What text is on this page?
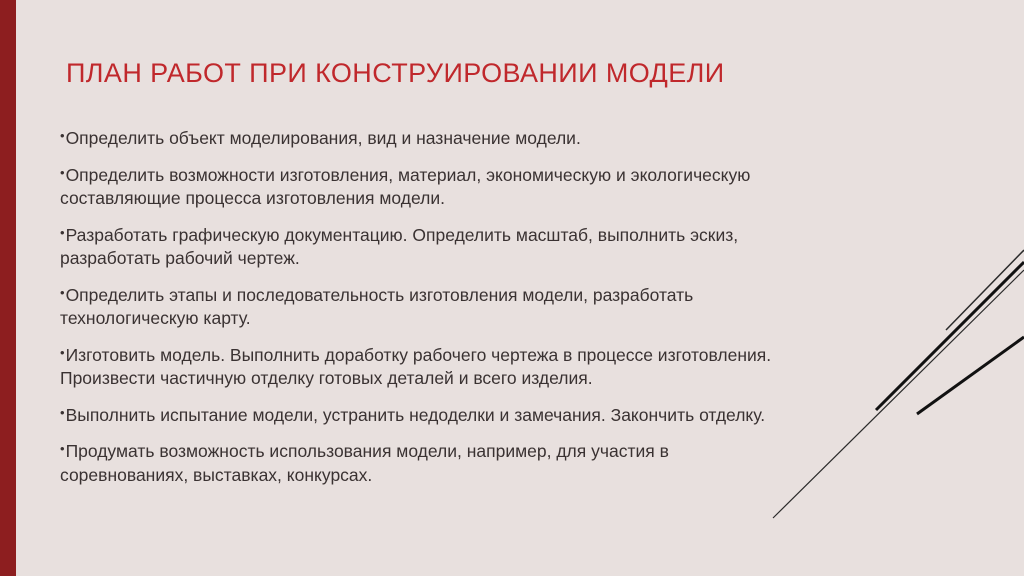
ПЛАН РАБОТ ПРИ КОНСТРУИРОВАНИИ МОДЕЛИ
•Определить объект моделирования, вид и назначение модели.
•Определить возможности изготовления, материал, экономическую и экологическую составляющие процесса изготовления модели.
•Разработать графическую документацию. Определить масштаб, выполнить эскиз, разработать рабочий чертеж.
•Определить этапы и последовательность изготовления модели, разработать технологическую карту.
•Изготовить модель. Выполнить доработку рабочего чертежа в процессе изготовления. Произвести частичную отделку готовых деталей и всего изделия.
•Выполнить испытание модели, устранить недоделки и замечания. Закончить отделку.
•Продумать возможность использования модели, например, для участия в соревнованиях, выставках, конкурсах.
